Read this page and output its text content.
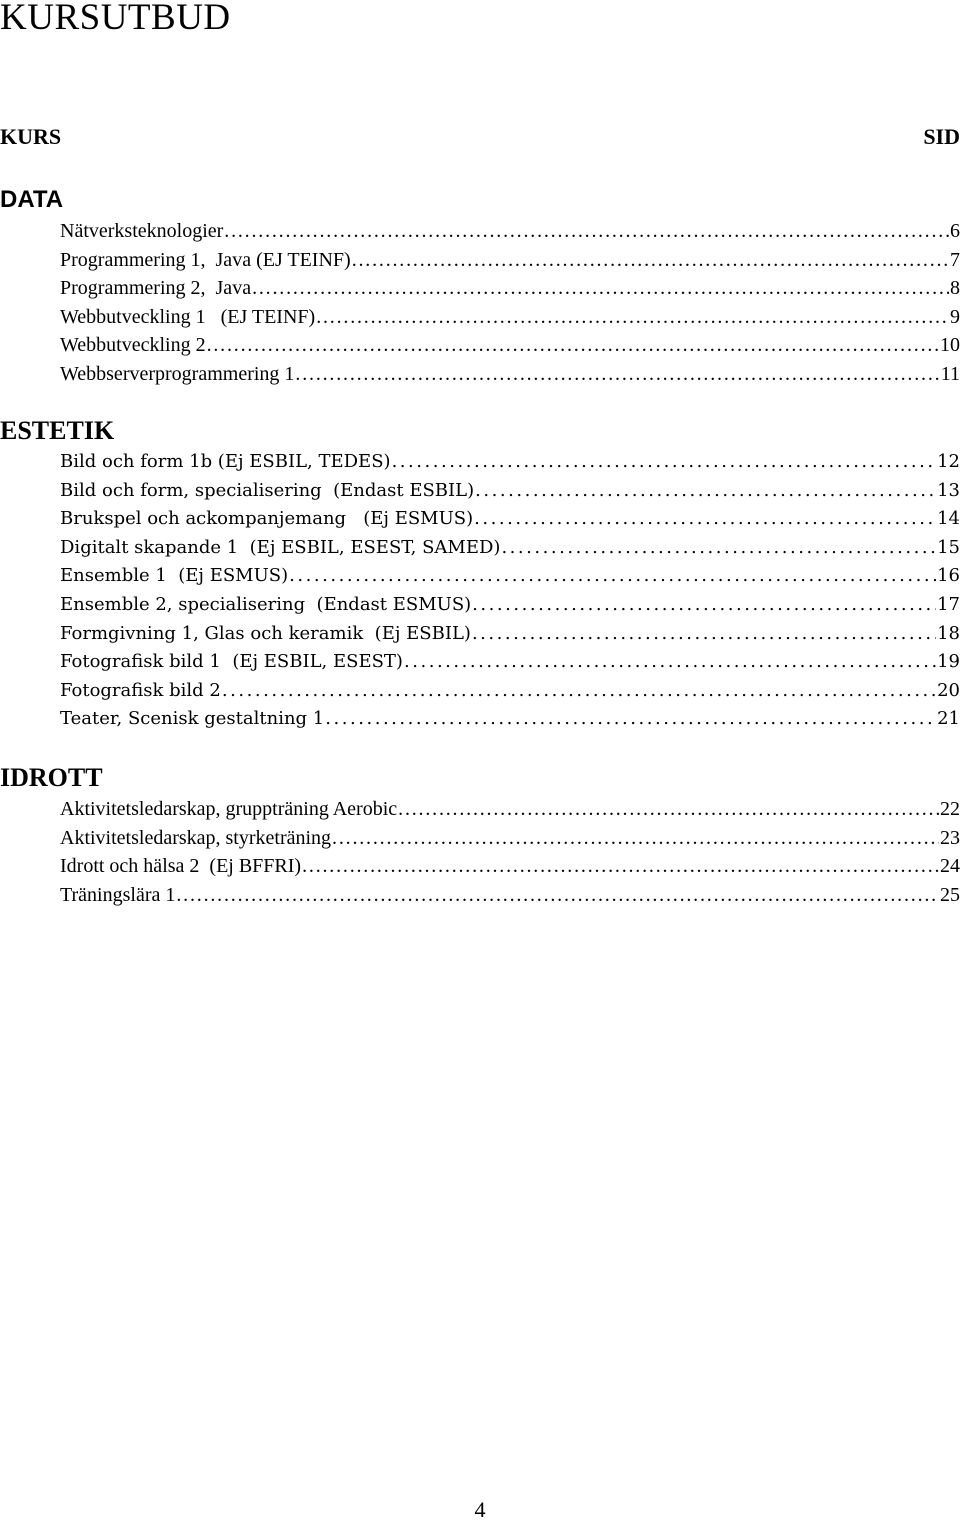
KURSUTBUD
KURS	SID
DATA
Nätverksteknologier . . .	6
Programmering 1,  Java (EJ TEINF) . . .	7
Programmering 2,  Java . . .	8
Webbutveckling 1   (EJ TEINF) . . .	9
Webbutveckling 2 . . .	10
Webbserverprogrammering 1 . . .	11
ESTETIK
Bild och form 1b (Ej ESBIL, TEDES) . . .	12
Bild och form, specialisering  (Endast ESBIL) . . .	13
Brukspel och ackompanjemang   (Ej ESMUS) . . .	14
Digitalt skapande 1  (Ej ESBIL, ESEST, SAMED) . . .	15
Ensemble 1  (Ej ESMUS) . . .	16
Ensemble 2, specialisering  (Endast ESMUS) . . .	17
Formgivning 1, Glas och keramik  (Ej ESBIL) . . .	18
Fotografisk bild 1  (Ej ESBIL, ESEST) . . .	19
Fotografisk bild 2 . . .	20
Teater, Scenisk gestaltning 1 . . .	21
IDROTT
Aktivitetsledarskap, gruppträning Aerobic . . .	22
Aktivitetsledarskap, styrketräning . . .	23
Idrott och hälsa 2  (Ej BFFRI) . . .	24
Träningslära 1 . . .	25
4
